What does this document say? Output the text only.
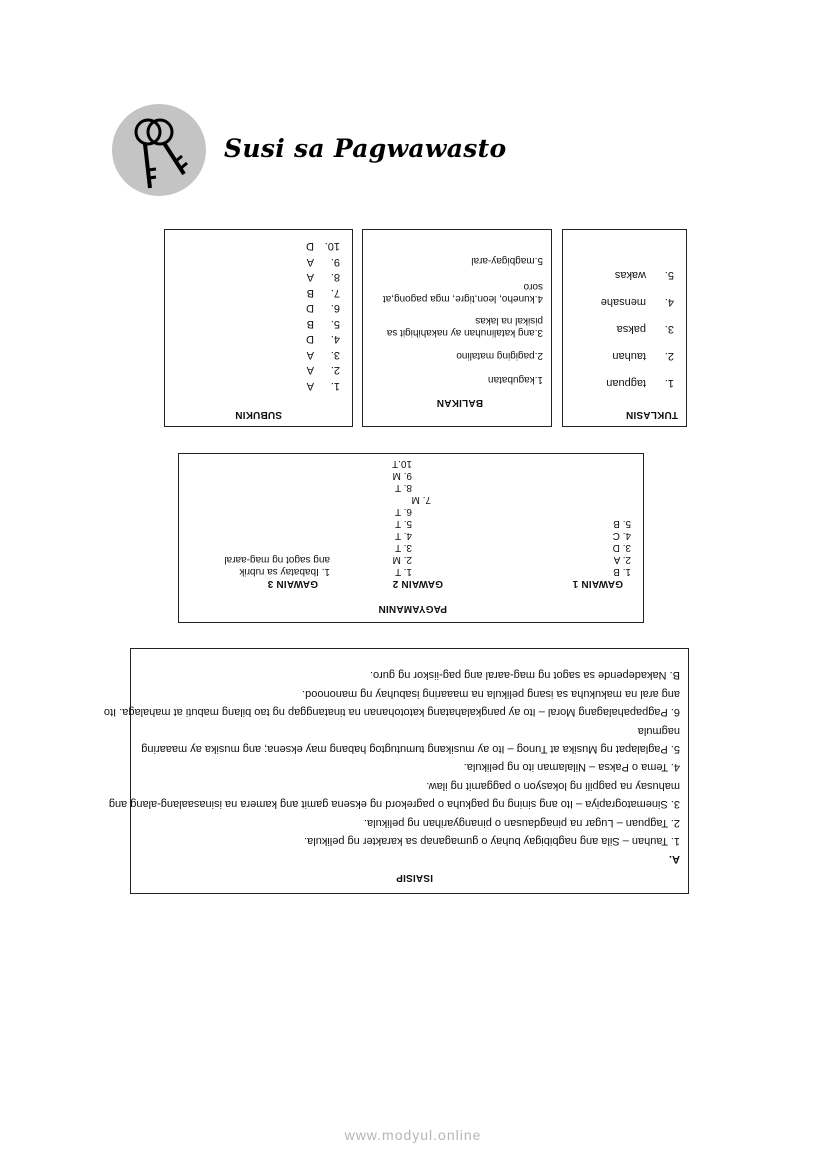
Susi sa Pagwawasto
SUBUKIN
1.A
2.A
3.A
4.D
5.B
6.D
7.B
8.A
9.A
10.D
BALIKAN
1.kagubatan
2.pagiging matalino
3.ang katalinuhan ay nakahihigit sa
pisikal na lakas
4.kuneho, leon,tigre, mga pagong,at
soro
5.magbigay-aral
TUKLASIN
1.tagpuan
2.tauhan
3.paksa
4.mensahe
5.wakas
PAGYAMANIN
GAWAIN 1
GAWAIN 2
GAWAIN 3
1. B
2. A
3. D
4. C
5. B
1. T
2. M
3. T
4. T
5. T
6. T
7. M
8. T
9. M
10.T
1. Ibabatay sa rubrik
ang sagot ng mag-aaral
ISAISIP
A.
1. Tauhan – Sila ang nagbibigay buhay o gumaganap sa karakter ng pelikula.
2. Tagpuan – Lugar na pinagdausan o pinangyarihan ng pelikula.
3. Sinematograpiya – Ito ang sining ng pagkuha o pagrekord ng eksena gamit ang kamera na isinasaalang-alang ang
mahusay na pagpili ng lokasyon o paggamit ng ilaw.
4. Tema o Paksa – Nilalaman ito ng pelikula.
5. Paglalapat ng Musika at Tunog – Ito ay musikang tumutugtog habang may eksena; ang musika ay maaaring
nagmula
6. Pagpapahalagang Moral – Ito ay pangkalahatang katotohanan na tinatanggap ng tao bilang mabuti at mahalaga. Ito
ang aral na makukuha sa isang pelikula na maaaring isabuhay ng manonood.
B. Nakadepende sa sagot ng mag-aaral ang pag-iiskor ng guro.
www.modyul.online
